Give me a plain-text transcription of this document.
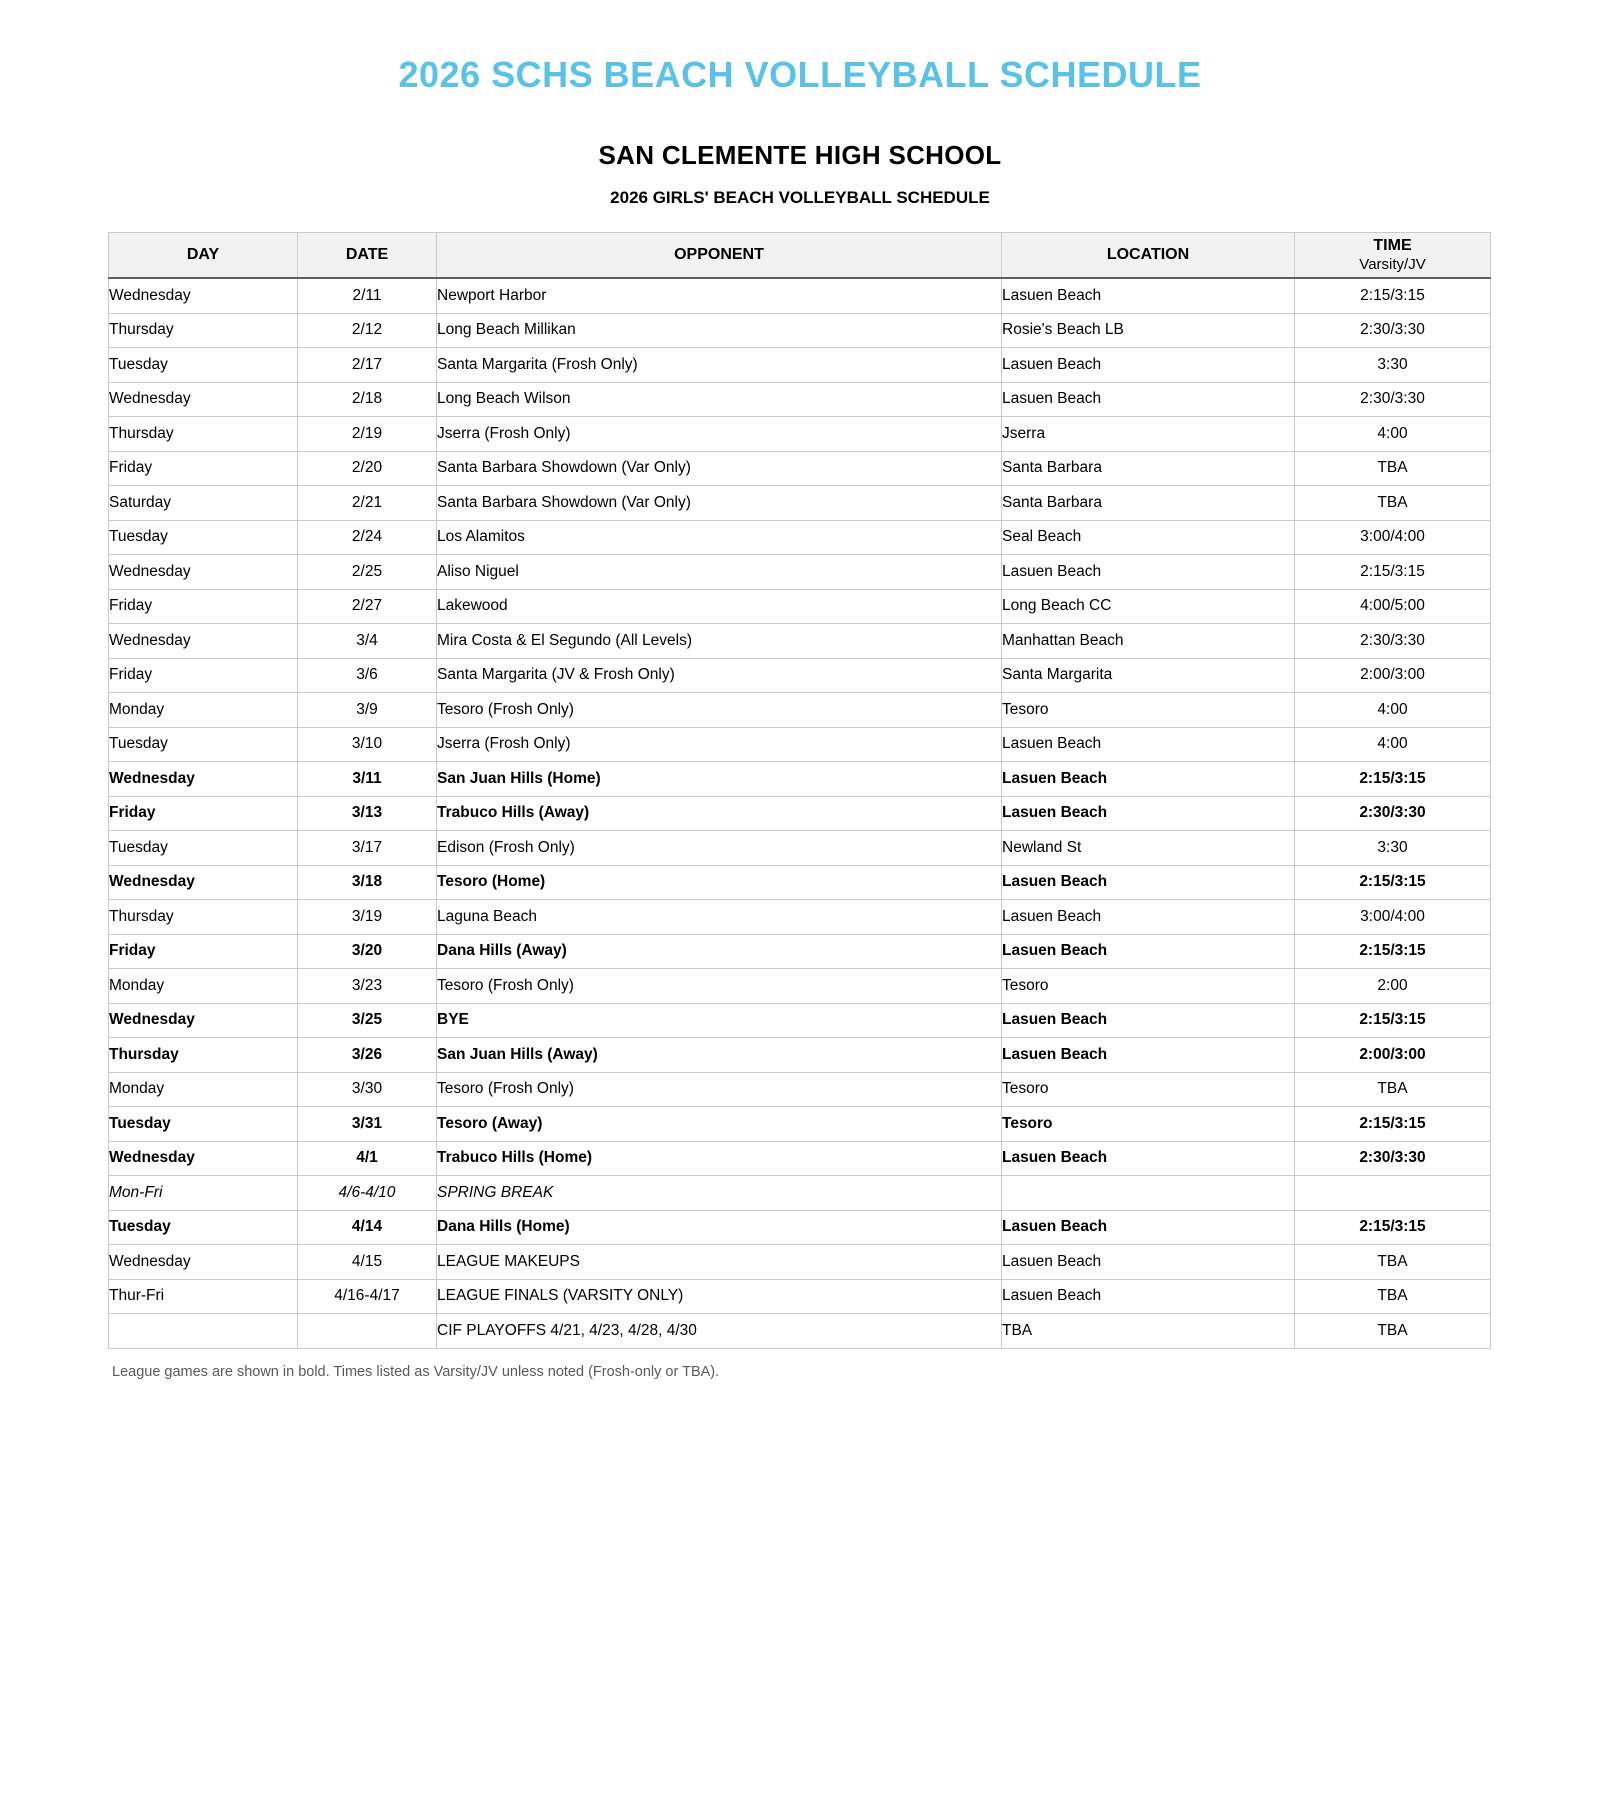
2026 SCHS BEACH VOLLEYBALL SCHEDULE
SAN CLEMENTE HIGH SCHOOL
2026 GIRLS' BEACH VOLLEYBALL SCHEDULE
DAY	DATE	OPPONENT	LOCATION	TIME
Varsity/JV

Wednesday	2/11	Newport Harbor	Lasuen Beach	2:15/3:15
Thursday	2/12	Long Beach Millikan	Rosie's Beach LB	2:30/3:30
Tuesday	2/17	Santa Margarita (Frosh Only)	Lasuen Beach	3:30
Wednesday	2/18	Long Beach Wilson	Lasuen Beach	2:30/3:30
Thursday	2/19	Jserra (Frosh Only)	Jserra	4:00
Friday	2/20	Santa Barbara Showdown (Var Only)	Santa Barbara	TBA
Saturday	2/21	Santa Barbara Showdown (Var Only)	Santa Barbara	TBA
Tuesday	2/24	Los Alamitos	Seal Beach	3:00/4:00
Wednesday	2/25	Aliso Niguel	Lasuen Beach	2:15/3:15
Friday	2/27	Lakewood	Long Beach CC	4:00/5:00
Wednesday	3/4	Mira Costa & El Segundo (All Levels)	Manhattan Beach	2:30/3:30
Friday	3/6	Santa Margarita (JV & Frosh Only)	Santa Margarita	2:00/3:00
Monday	3/9	Tesoro (Frosh Only)	Tesoro	4:00
Tuesday	3/10	Jserra (Frosh Only)	Lasuen Beach	4:00
Wednesday	3/11	San Juan Hills (Home)	Lasuen Beach	2:15/3:15
Friday	3/13	Trabuco Hills (Away)	Lasuen Beach	2:30/3:30
Tuesday	3/17	Edison (Frosh Only)	Newland St	3:30
Wednesday	3/18	Tesoro (Home)	Lasuen Beach	2:15/3:15
Thursday	3/19	Laguna Beach	Lasuen Beach	3:00/4:00
Friday	3/20	Dana Hills (Away)	Lasuen Beach	2:15/3:15
Monday	3/23	Tesoro (Frosh Only)	Tesoro	2:00
Wednesday	3/25	BYE	Lasuen Beach	2:15/3:15
Thursday	3/26	San Juan Hills (Away)	Lasuen Beach	2:00/3:00
Monday	3/30	Tesoro (Frosh Only)	Tesoro	TBA
Tuesday	3/31	Tesoro (Away)	Tesoro	2:15/3:15
Wednesday	4/1	Trabuco Hills (Home)	Lasuen Beach	2:30/3:30
Mon-Fri	4/6-4/10	SPRING BREAK		
Tuesday	4/14	Dana Hills (Home)	Lasuen Beach	2:15/3:15
Wednesday	4/15	LEAGUE MAKEUPS	Lasuen Beach	TBA
Thur-Fri	4/16-4/17	LEAGUE FINALS (VARSITY ONLY)	Lasuen Beach	TBA
		CIF PLAYOFFS 4/21, 4/23, 4/28, 4/30	TBA	TBA

League games are shown in bold. Times listed as Varsity/JV unless noted (Frosh-only or TBA).
